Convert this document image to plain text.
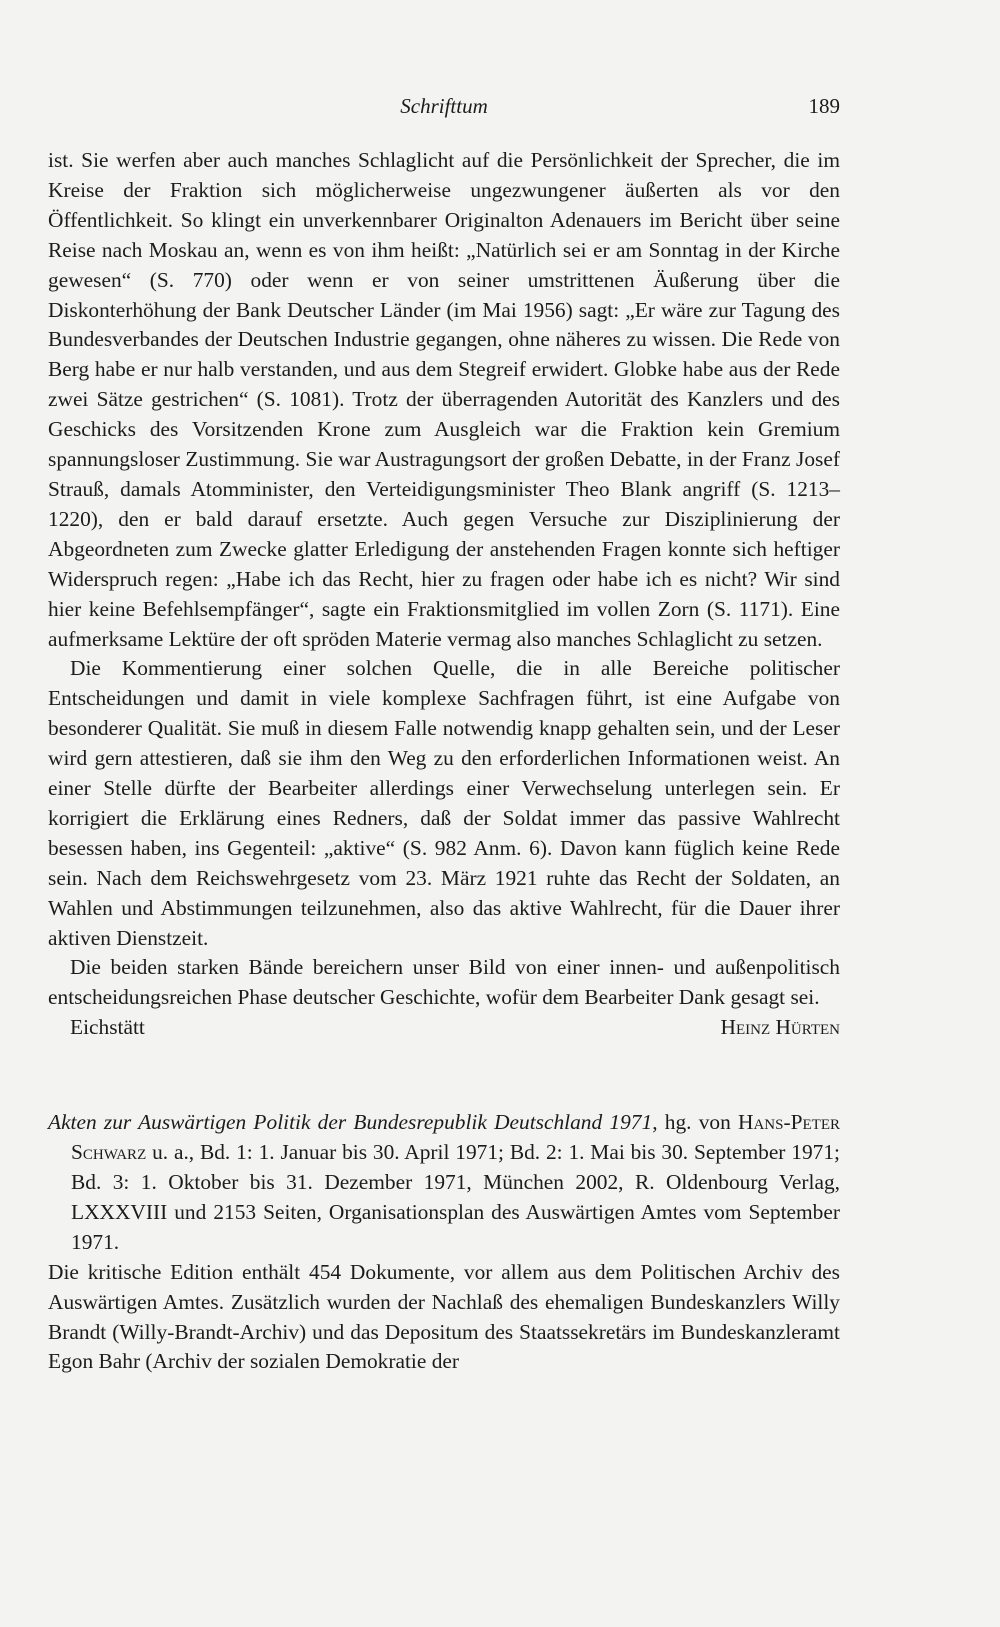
Schrifttum	189

ist. Sie werfen aber auch manches Schlaglicht auf die Persönlichkeit der Sprecher, die im Kreise der Fraktion sich möglicherweise ungezwungener äußerten als vor den Öffentlichkeit. So klingt ein unverkennbarer Originalton Adenauers im Bericht über seine Reise nach Moskau an, wenn es von ihm heißt: „Natürlich sei er am Sonntag in der Kirche gewesen“ (S. 770) oder wenn er von seiner umstrittenen Äußerung über die Diskonterhöhung der Bank Deutscher Länder (im Mai 1956) sagt: „Er wäre zur Tagung des Bundesverbandes der Deutschen Industrie gegangen, ohne näheres zu wissen. Die Rede von Berg habe er nur halb verstanden, und aus dem Stegreif erwidert. Globke habe aus der Rede zwei Sätze gestrichen“ (S. 1081). Trotz der überragenden Autorität des Kanzlers und des Geschicks des Vorsitzenden Krone zum Ausgleich war die Fraktion kein Gremium spannungsloser Zustimmung. Sie war Austragungsort der großen Debatte, in der Franz Josef Strauß, damals Atomminister, den Verteidigungsminister Theo Blank angriff (S. 1213–1220), den er bald darauf ersetzte. Auch gegen Versuche zur Disziplinierung der Abgeordneten zum Zwecke glatter Erledigung der anstehenden Fragen konnte sich heftiger Widerspruch regen: „Habe ich das Recht, hier zu fragen oder habe ich es nicht? Wir sind hier keine Befehlsempfänger“, sagte ein Fraktionsmitglied im vollen Zorn (S. 1171). Eine aufmerksame Lektüre der oft spröden Materie vermag also manches Schlaglicht zu setzen.

Die Kommentierung einer solchen Quelle, die in alle Bereiche politischer Entscheidungen und damit in viele komplexe Sachfragen führt, ist eine Aufgabe von besonderer Qualität. Sie muß in diesem Falle notwendig knapp gehalten sein, und der Leser wird gern attestieren, daß sie ihm den Weg zu den erforderlichen Informationen weist. An einer Stelle dürfte der Bearbeiter allerdings einer Verwechselung unterlegen sein. Er korrigiert die Erklärung eines Redners, daß der Soldat immer das passive Wahlrecht besessen haben, ins Gegenteil: „aktive“ (S. 982 Anm. 6). Davon kann füglich keine Rede sein. Nach dem Reichswehrgesetz vom 23. März 1921 ruhte das Recht der Soldaten, an Wahlen und Abstimmungen teilzunehmen, also das aktive Wahlrecht, für die Dauer ihrer aktiven Dienstzeit.

Die beiden starken Bände bereichern unser Bild von einer innen- und außenpolitisch entscheidungsreichen Phase deutscher Geschichte, wofür dem Bearbeiter Dank gesagt sei.

Eichstätt	Heinz Hürten
Akten zur Auswärtigen Politik der Bundesrepublik Deutschland 1971, hg. von Hans-Peter Schwarz u. a., Bd. 1: 1. Januar bis 30. April 1971; Bd. 2: 1. Mai bis 30. September 1971; Bd. 3: 1. Oktober bis 31. Dezember 1971, München 2002, R. Oldenbourg Verlag, LXXXVIII und 2153 Seiten, Organisationsplan des Auswärtigen Amtes vom September 1971.

Die kritische Edition enthält 454 Dokumente, vor allem aus dem Politischen Archiv des Auswärtigen Amtes. Zusätzlich wurden der Nachlaß des ehemaligen Bundeskanzlers Willy Brandt (Willy-Brandt-Archiv) und das Depositum des Staatssekretärs im Bundeskanzleramt Egon Bahr (Archiv der sozialen Demokratie der
